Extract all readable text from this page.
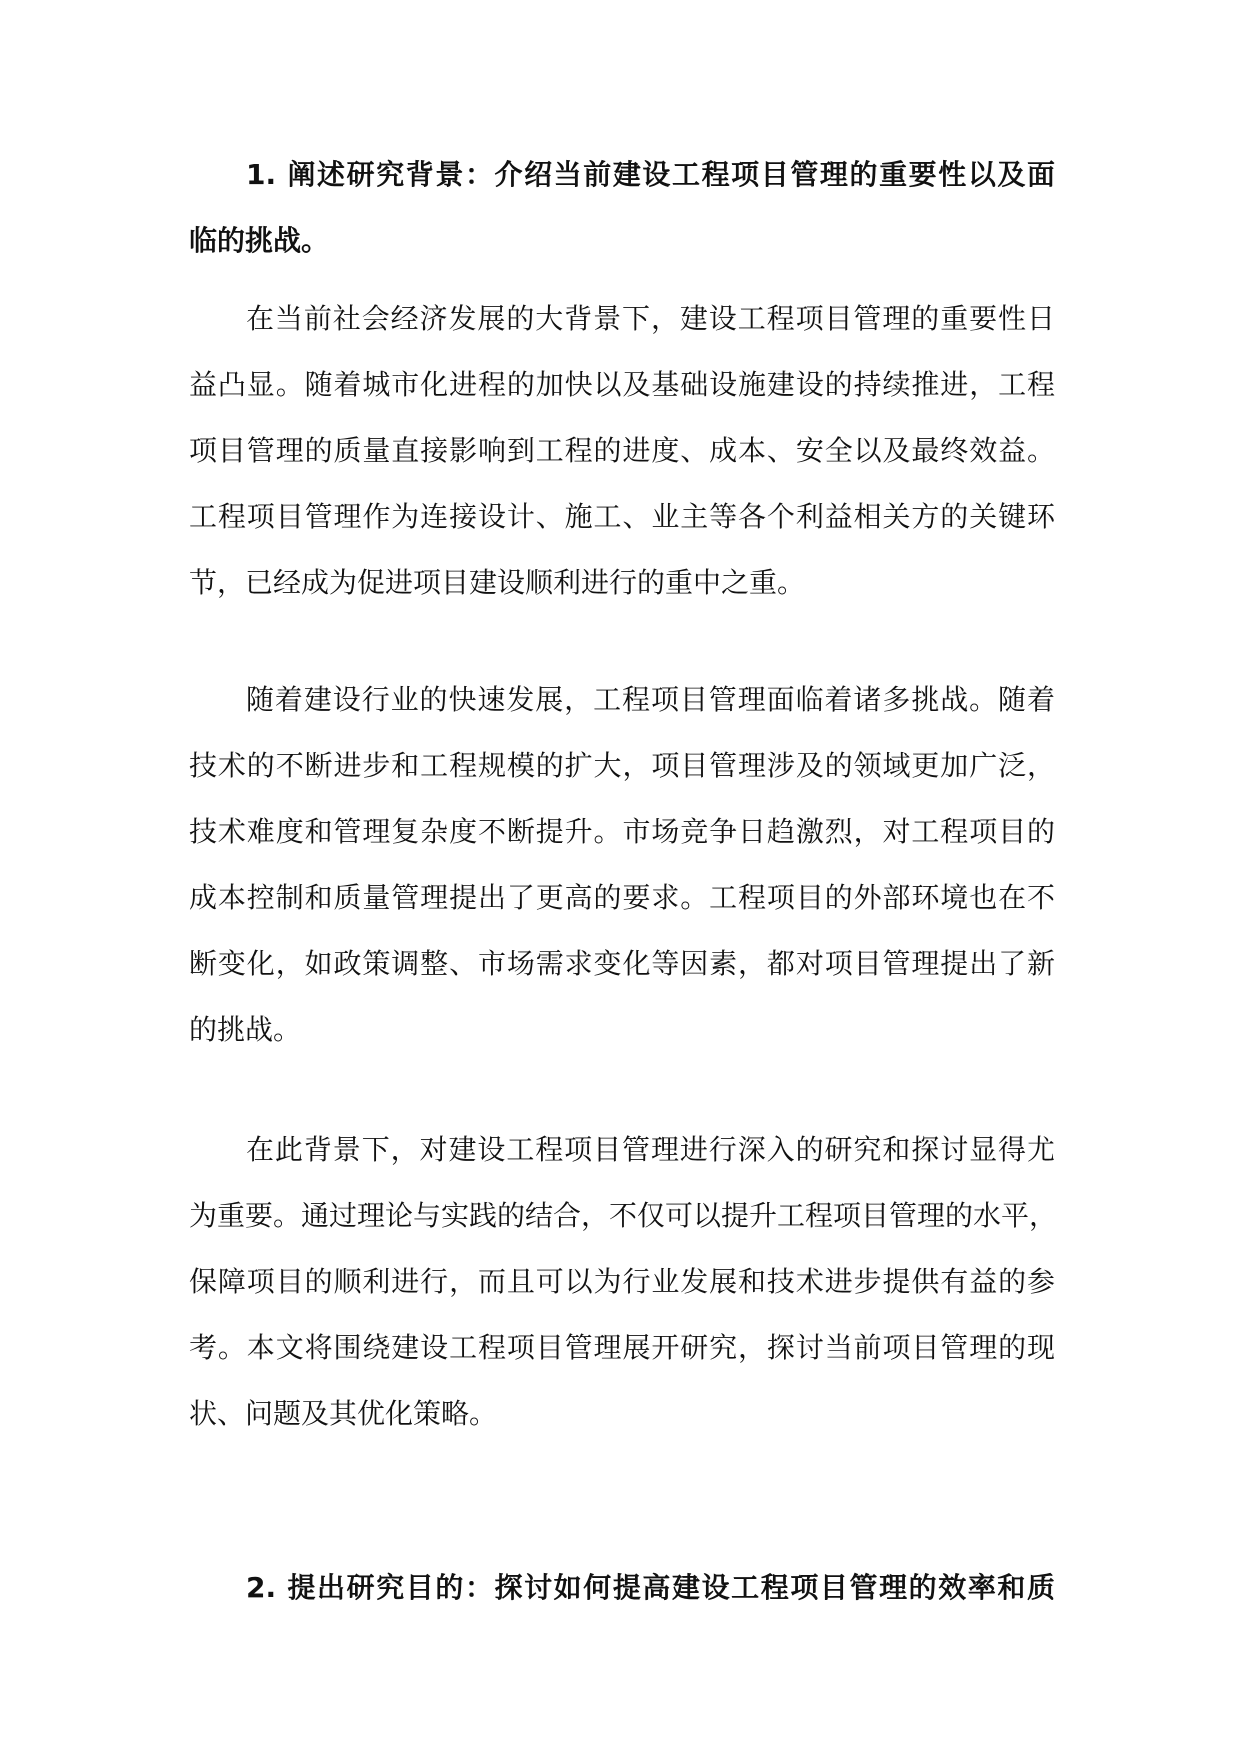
1. 阐述研究背景：介绍当前建设工程项目管理的重要性以及面
临的挑战。
在当前社会经济发展的大背景下，建设工程项目管理的重要性日
益凸显。随着城市化进程的加快以及基础设施建设的持续推进，工程
项目管理的质量直接影响到工程的进度、成本、安全以及最终效益。
工程项目管理作为连接设计、施工、业主等各个利益相关方的关键环
节，已经成为促进项目建设顺利进行的重中之重。
随着建设行业的快速发展，工程项目管理面临着诸多挑战。随着
技术的不断进步和工程规模的扩大，项目管理涉及的领域更加广泛，
技术难度和管理复杂度不断提升。市场竞争日趋激烈，对工程项目的
成本控制和质量管理提出了更高的要求。工程项目的外部环境也在不
断变化，如政策调整、市场需求变化等因素，都对项目管理提出了新
的挑战。
在此背景下，对建设工程项目管理进行深入的研究和探讨显得尤
为重要。通过理论与实践的结合，不仅可以提升工程项目管理的水平，
保障项目的顺利进行，而且可以为行业发展和技术进步提供有益的参
考。本文将围绕建设工程项目管理展开研究，探讨当前项目管理的现
状、问题及其优化策略。
2. 提出研究目的：探讨如何提高建设工程项目管理的效率和质
